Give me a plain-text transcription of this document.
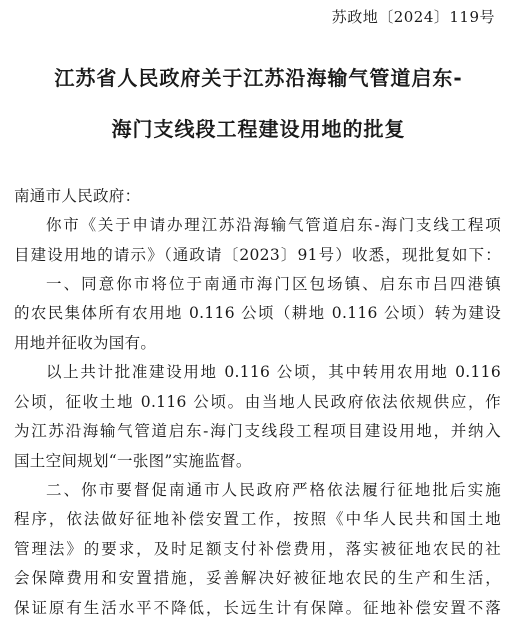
苏政地〔2024〕119号
江苏省人民政府关于江苏沿海输气管道启东-
海门支线段工程建设用地的批复
南通市人民政府：
你市《关于申请办理江苏沿海输气管道启东-海门支线工程项
目建设用地的请示》（通政请〔2023〕91号）收悉，现批复如下：
一、同意你市将位于南通市海门区包场镇、启东市吕四港镇
的农民集体所有农用地 0.116 公顷（耕地 0.116 公顷）转为建设
用地并征收为国有。
以上共计批准建设用地 0.116 公顷，其中转用农用地 0.116
公顷，征收土地 0.116 公顷。由当地人民政府依法依规供应，作
为江苏沿海输气管道启东-海门支线段工程项目建设用地，并纳入
国土空间规划“一张图”实施监督。
二、你市要督促南通市人民政府严格依法履行征地批后实施
程序，依法做好征地补偿安置工作，按照《中华人民共和国土地
管理法》的要求，及时足额支付补偿费用，落实被征地农民的社
会保障费用和安置措施，妥善解决好被征地农民的生产和生活，
保证原有生活水平不降低，长远生计有保障。征地补偿安置不落
